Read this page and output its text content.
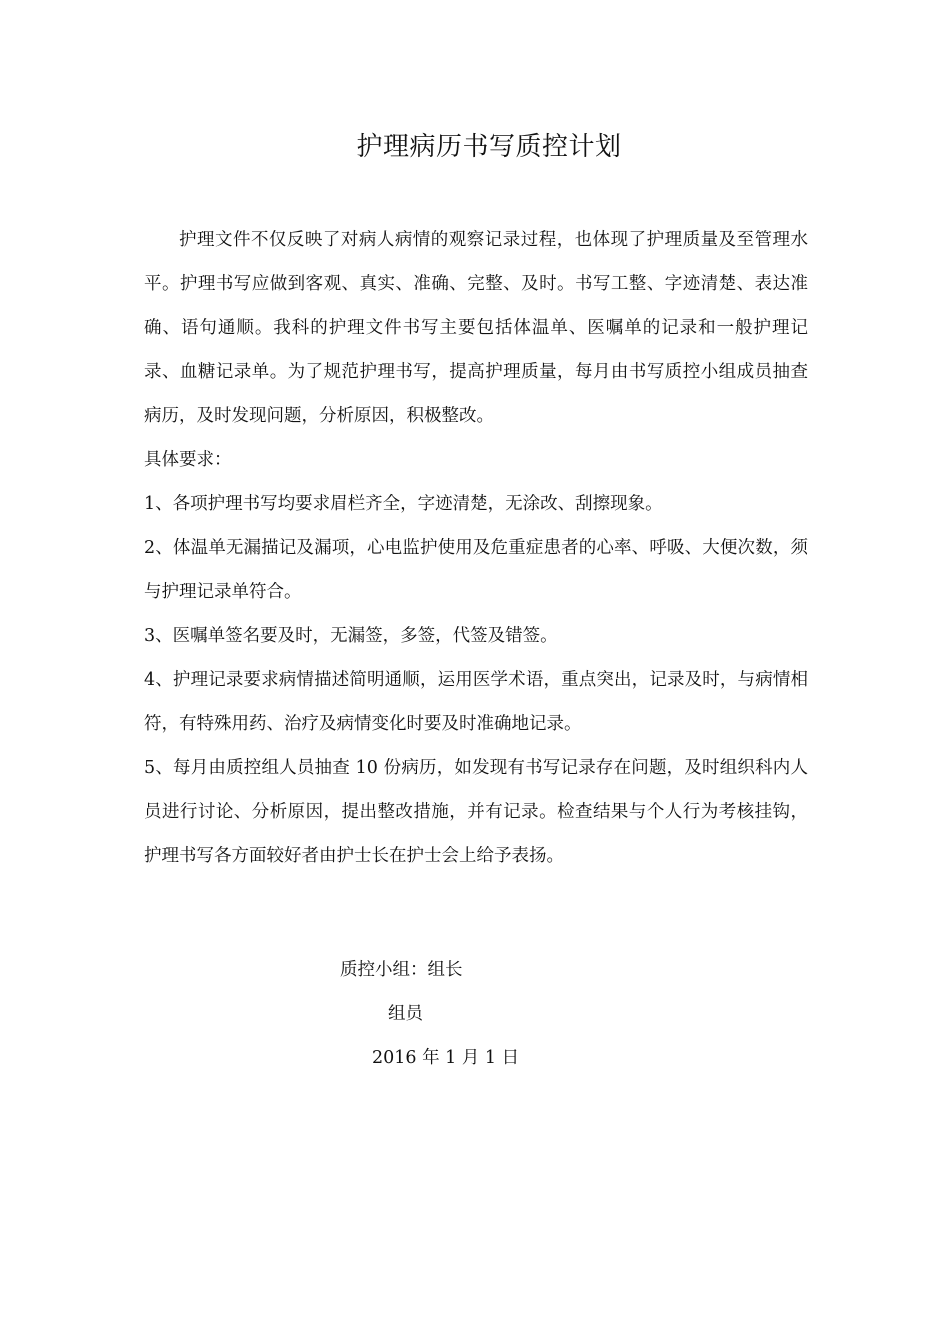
护理病历书写质控计划

护理文件不仅反映了对病人病情的观察记录过程，也体现了护理质量及至管理水平。护理书写应做到客观、真实、准确、完整、及时。书写工整、字迹清楚、表达准确、语句通顺。我科的护理文件书写主要包括体温单、医嘱单的记录和一般护理记录、血糖记录单。为了规范护理书写，提高护理质量，每月由书写质控小组成员抽查病历，及时发现问题，分析原因，积极整改。

具体要求：

1、各项护理书写均要求眉栏齐全，字迹清楚，无涂改、刮擦现象。

2、体温单无漏描记及漏项，心电监护使用及危重症患者的心率、呼吸、大便次数，须与护理记录单符合。

3、医嘱单签名要及时，无漏签，多签，代签及错签。

4、护理记录要求病情描述简明通顺，运用医学术语，重点突出，记录及时，与病情相符，有特殊用药、治疗及病情变化时要及时准确地记录。

5、每月由质控组人员抽查 10 份病历，如发现有书写记录存在问题，及时组织科内人员进行讨论、分析原因，提出整改措施，并有记录。检查结果与个人行为考核挂钩，护理书写各方面较好者由护士长在护士会上给予表扬。

质控小组：组长
组员
2016 年 1 月 1 日
